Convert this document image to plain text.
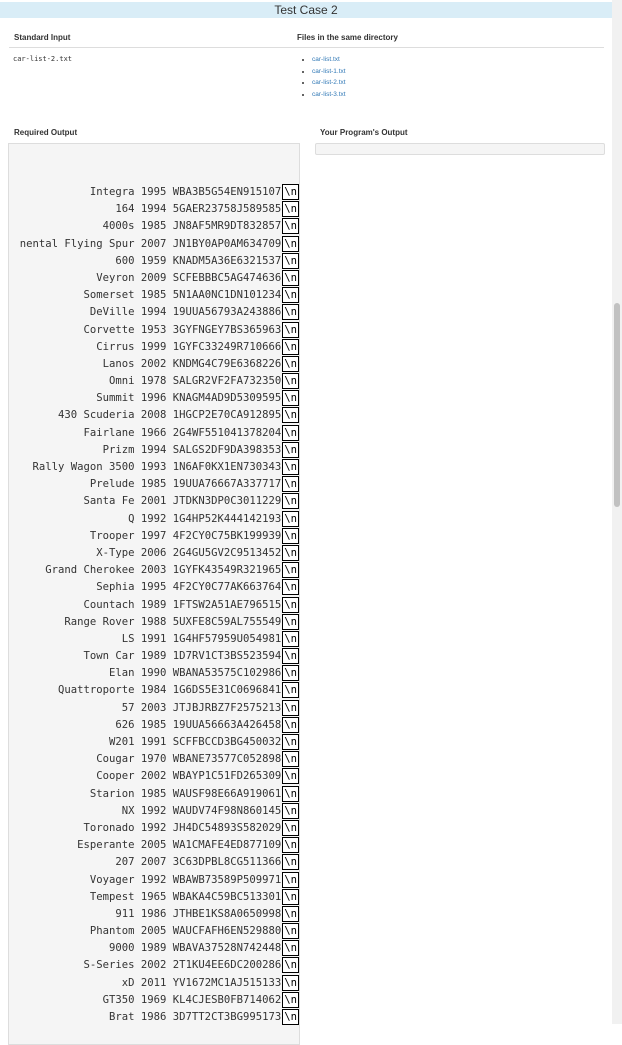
Test Case 2
Standard Input	Files in the same directory
car-list-2.txt
•	car-list.txt
• car-list-1.txt
• car-list-2.txt
• car-list-3.txt
Required Output	Your Program's Output
Integra 1995 WBA3B5G54EN915107 \n
164 1994 5GAER23758J589585 \n
4000s 1985 JN8AF5MR9DT832857 \n
nental Flying Spur 2007 JN1BY0AP0AM634709 \n
600 1959 KNADM5A36E6321537 \n
Veyron 2009 SCFEBBBC5AG474636 \n
Somerset 1985 5N1AA0NC1DN101234 \n
DeVille 1994 19UUA56793A243886 \n
Corvette 1953 3GYFNGEY7BS365963 \n
Cirrus 1999 1GYFC33249R710666 \n
Lanos 2002 KNDMG4C79E6368226 \n
Omni 1978 SALGR2VF2FA732350 \n
Summit 1996 KNAGM4AD9D5309595 \n
430 Scuderia 2008 1HGCP2E70CA912895 \n
Fairlane 1966 2G4WF551041378204 \n
Prizm 1994 SALGS2DF9DA398353 \n
Rally Wagon 3500 1993 1N6AF0KX1EN730343 \n
Prelude 1985 19UUA76667A337717 \n
Santa Fe 2001 JTDKN3DP0C3011229 \n
Q 1992 1G4HP52K444142193 \n
Trooper 1997 4F2CY0C75BK199939 \n
X-Type 2006 2G4GU5GV2C9513452 \n
Grand Cherokee 2003 1GYFK43549R321965 \n
Sephia 1995 4F2CY0C77AK663764 \n
Countach 1989 1FTSW2A51AE796515 \n
Range Rover 1988 5UXFE8C59AL755549 \n
LS 1991 1G4HF57959U054981 \n
Town Car 1989 1D7RV1CT3BS523594 \n
Elan 1990 WBANA53575C102986 \n
Quattroporte 1984 1G6DS5E31C0696841 \n
57 2003 JTJBJRBZ7F2575213 \n
626 1985 19UUA56663A426458 \n
W201 1991 SCFFBCCD3BG450032 \n
Cougar 1970 WBANE73577C052898 \n
Cooper 2002 WBAYP1C51FD265309 \n
Starion 1985 WAUSF98E66A919061 \n
NX 1992 WAUDV74F98N860145 \n
Toronado 1992 JH4DC54893S582029 \n
Esperante 2005 WA1CMAFE4ED877109 \n
207 2007 3C63DPBL8CG511366 \n
Voyager 1992 WBAWB73589P509971 \n
Tempest 1965 WBAKA4C59BC513301 \n
911 1986 JTHBE1KS8A0650998 \n
Phantom 2005 WAUCFAFH6EN529880 \n
9000 1989 WBAVA37528N742448 \n
S-Series 2002 2T1KU4EE6DC200286 \n
xD 2011 YV1672MC1AJ515133 \n
GT350 1969 KL4CJESB0FB714062 \n
Brat 1986 3D7TT2CT3BG995173 \n
